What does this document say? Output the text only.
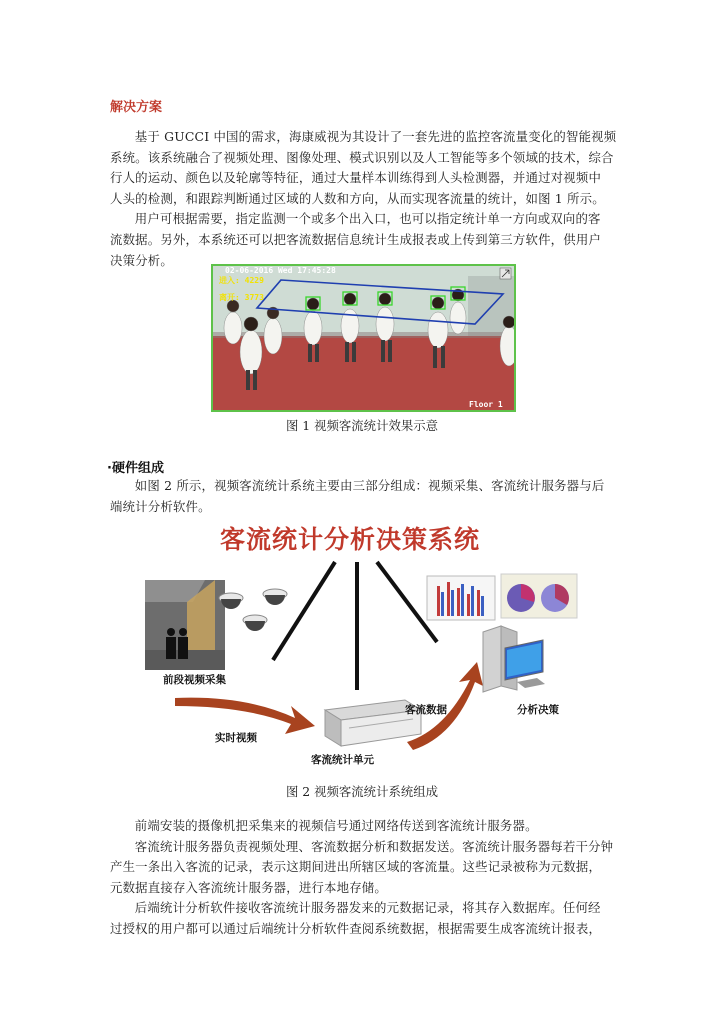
解决方案

基于 GUCCI 中国的需求，海康威视为其设计了一套先进的监控客流量变化的智能视频
系统。该系统融合了视频处理、图像处理、模式识别以及人工智能等多个领域的技术，综合
行人的运动、颜色以及轮廓等特征，通过大量样本训练得到人头检测器，并通过对视频中
人头的检测，和跟踪判断通过区域的人数和方向，从而实现客流量的统计，如图 1 所示。
用户可根据需要，指定监测一个或多个出入口，也可以指定统计单一方向或双向的客
流数据。另外，本系统还可以把客流数据信息统计生成报表或上传到第三方软件，供用户
决策分析。

02-06-2016 Wed 17:45:28
进入: 4229
离开: 3773
Floor 1
图 1 视频客流统计效果示意
·硬件组成

如图 2 所示，视频客流统计系统主要由三部分组成：视频采集、客流统计服务器与后
端统计分析软件。

客流统计分析决策系统
前段视频采集
实时视频
客流统计单元
客流数据	分析决策
图 2 视频客流统计系统组成

前端安装的摄像机把采集来的视频信号通过网络传送到客流统计服务器。
客流统计服务器负责视频处理、客流数据分析和数据发送。客流统计服务器每若干分钟
产生一条出入客流的记录，表示这期间进出所辖区域的客流量。这些记录被称为元数据，
元数据直接存入客流统计服务器，进行本地存储。
后端统计分析软件接收客流统计服务器发来的元数据记录，将其存入数据库。任何经
过授权的用户都可以通过后端统计分析软件查阅系统数据，根据需要生成客流统计报表，
